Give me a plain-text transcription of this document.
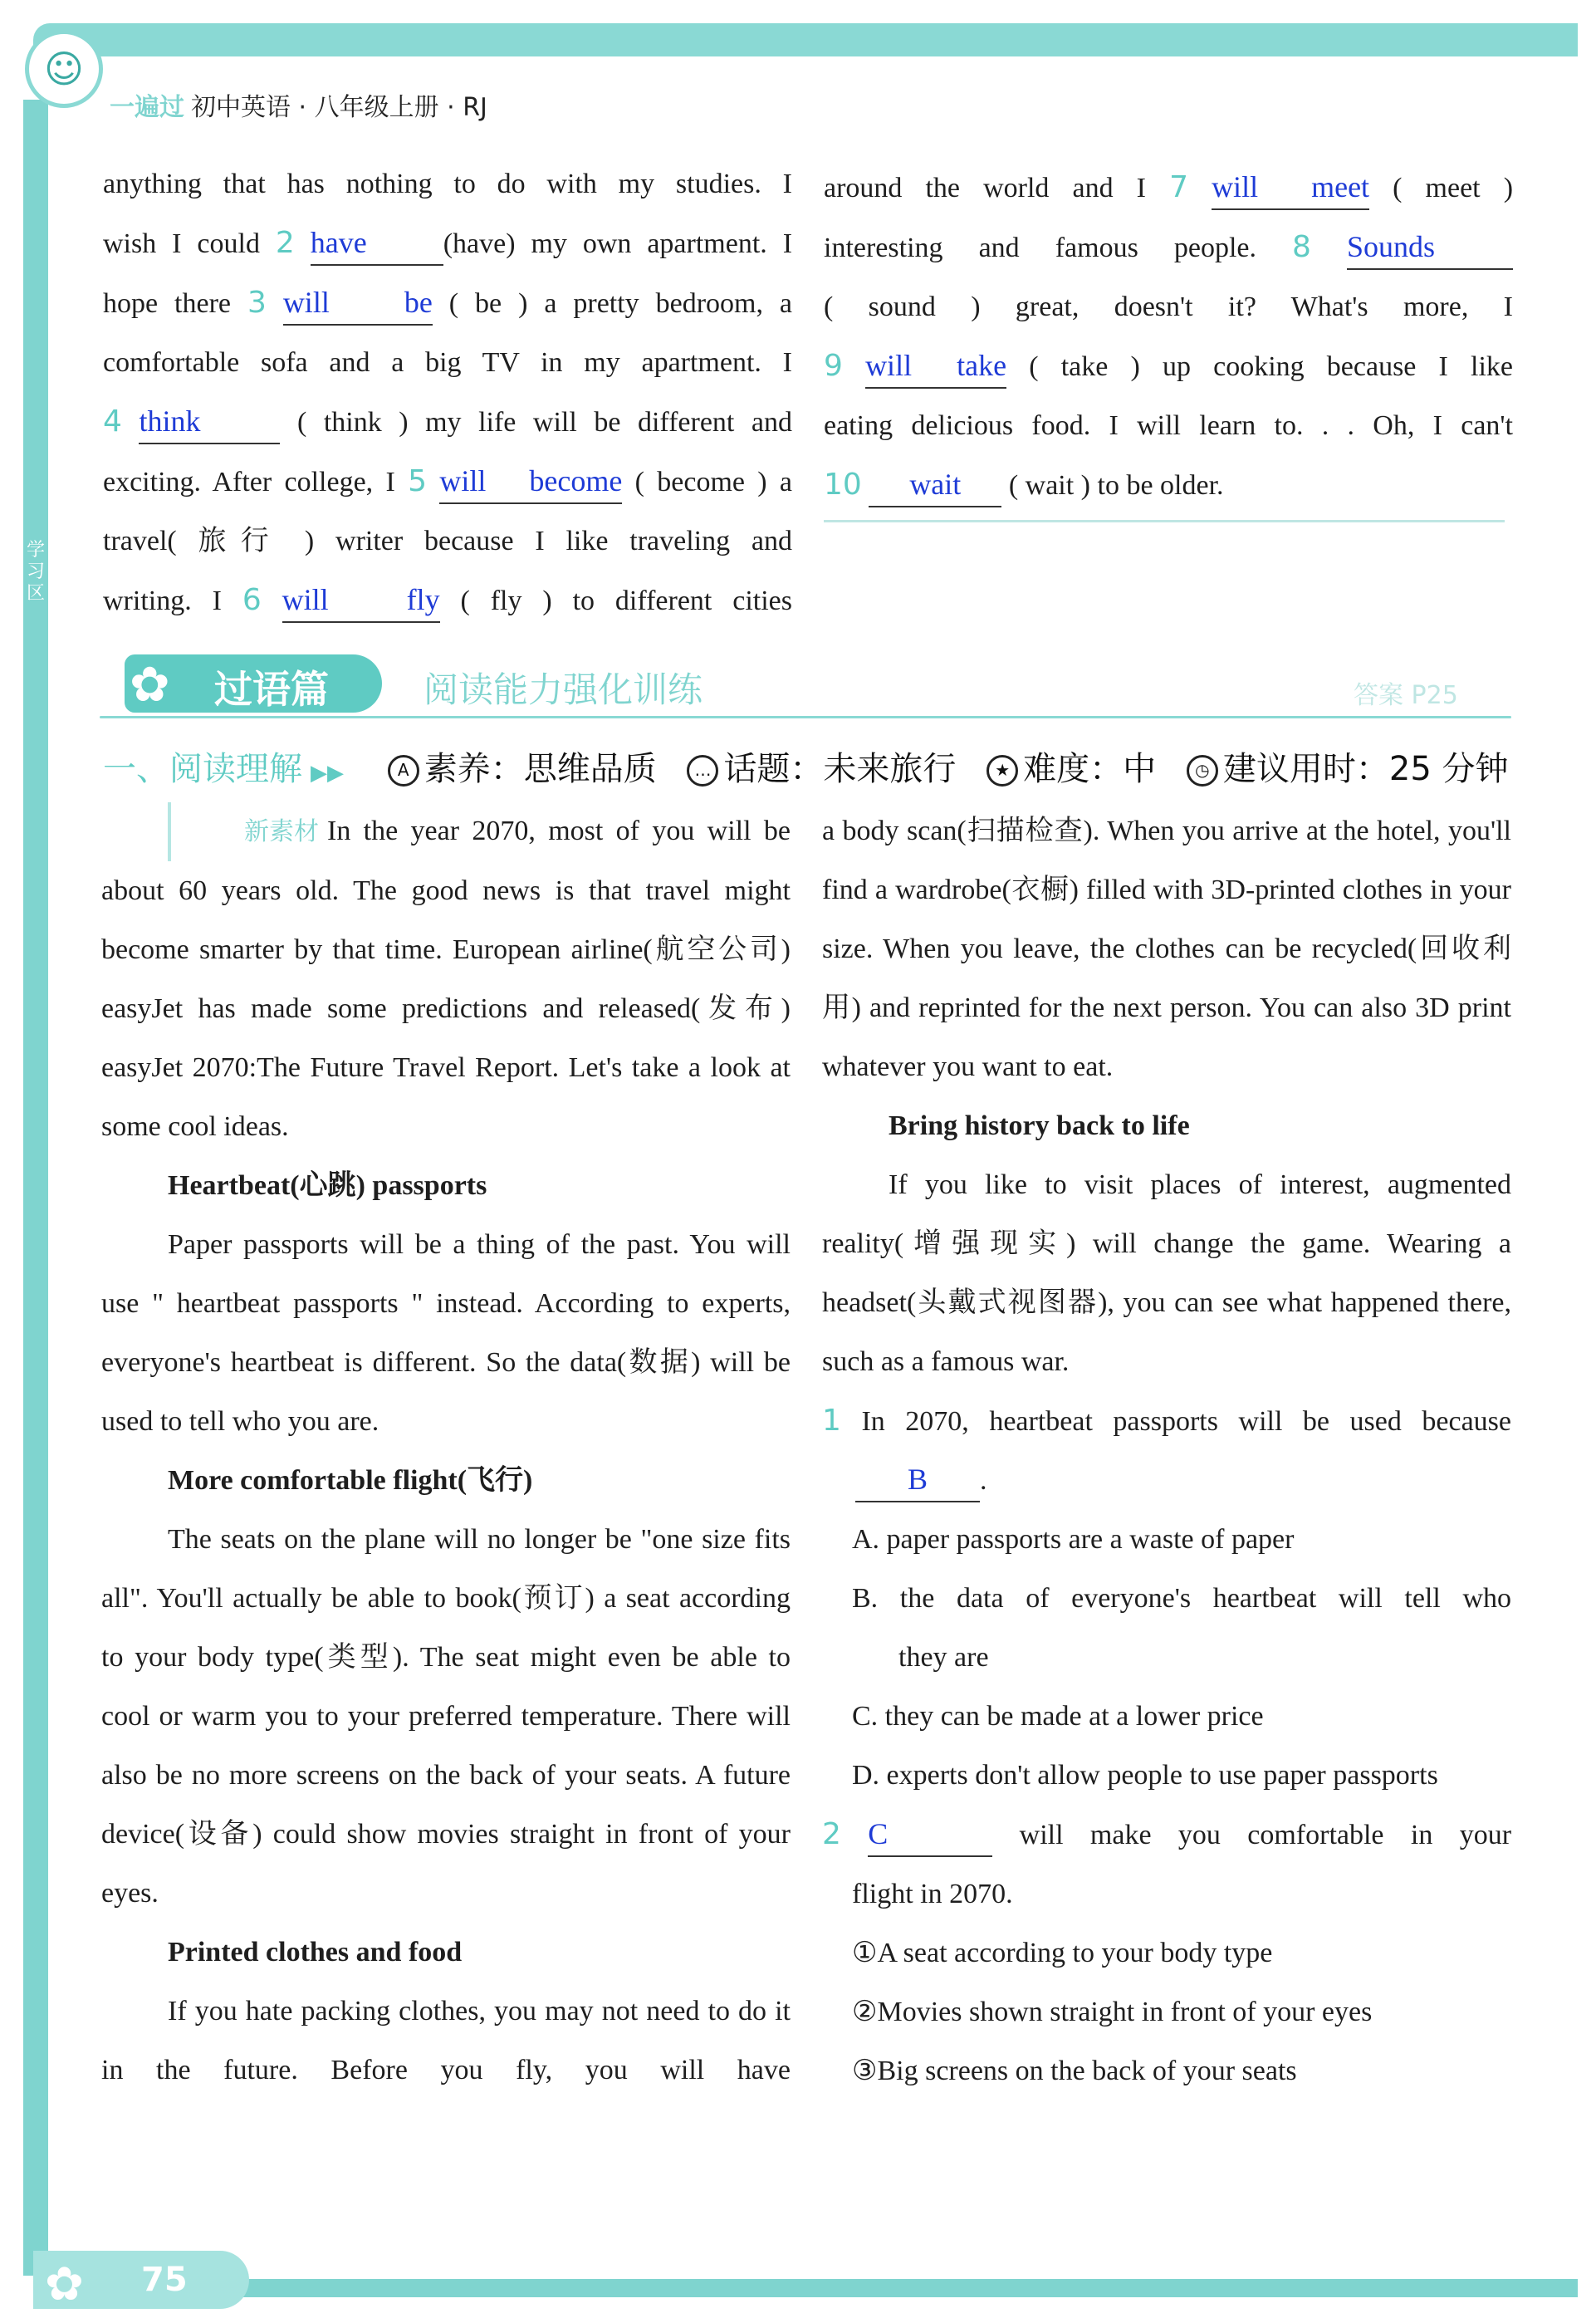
☺
学习区
一遍过 初中英语 · 八年级上册 · RJ
anything that has nothing to do with my studies. I
wish I could 2 have	(have) my own apartment. I
hope there 3 will be ( be ) a pretty bedroom, a
comfortable sofa and a big TV in my apartment. I
4 think	( think ) my life will be different and
exciting. After college, I 5 will become ( become ) a
travel( 旅行 ) writer because I like traveling and
writing. I 6 will fly ( fly ) to different cities
around the world and I 7 will meet ( meet )
interesting and famous people. 8 Sounds
( sound ) great, doesn't it? What's more, I
9 will take ( take ) up cooking because I like
eating delicious food. I will learn to. . . Oh, I can't
10 wait ( wait ) to be older.
✿ 过语篇	阅读能力强化训练	答案 P25
一、阅读理解 ▶▶	A 素养：思维品质 … 话题：未来旅行 ★ 难度：中 ◷ 建议用时：25 分钟

新素材 In the year 2070, most of you will be about 60 years old. The good news is that travel might become smarter by that time. European airline(航空公司) easyJet has made some predictions and released(发布) easyJet 2070:The Future Travel Report. Let's take a look at some cool ideas.

Heartbeat(心跳) passports

Paper passports will be a thing of the past. You will use " heartbeat passports " instead. According to experts, everyone's heartbeat is different. So the data(数据) will be used to tell who you are.

More comfortable flight(飞行)

The seats on the plane will no longer be "one size fits all". You'll actually be able to book(预订) a seat according to your body type(类型). The seat might even be able to cool or warm you to your preferred temperature. There will also be no more screens on the back of your seats. A future device(设备) could show movies straight in front of your eyes.

Printed clothes and food

If you hate packing clothes, you may not need to do it in the future. Before you fly, you will have

a body scan(扫描检查). When you arrive at the hotel, you'll find a wardrobe(衣橱) filled with 3D-printed clothes in your size. When you leave, the clothes can be recycled(回收利用) and reprinted for the next person. You can also 3D print whatever you want to eat.

Bring history back to life

If you like to visit places of interest, augmented reality(增强现实) will change the game. Wearing a headset(头戴式视图器), you can see what happened there, such as a famous war.

1 In 2070, heartbeat passports will be used because
B .
A. paper passports are a waste of paper
B. the data of everyone's heartbeat will tell who
they are
C. they can be made at a lower price
D. experts don't allow people to use paper passports
2 C	will make you comfortable in your
flight in 2070.
①A seat according to your body type
②Movies shown straight in front of your eyes
③Big screens on the back of your seats
✿ 75
